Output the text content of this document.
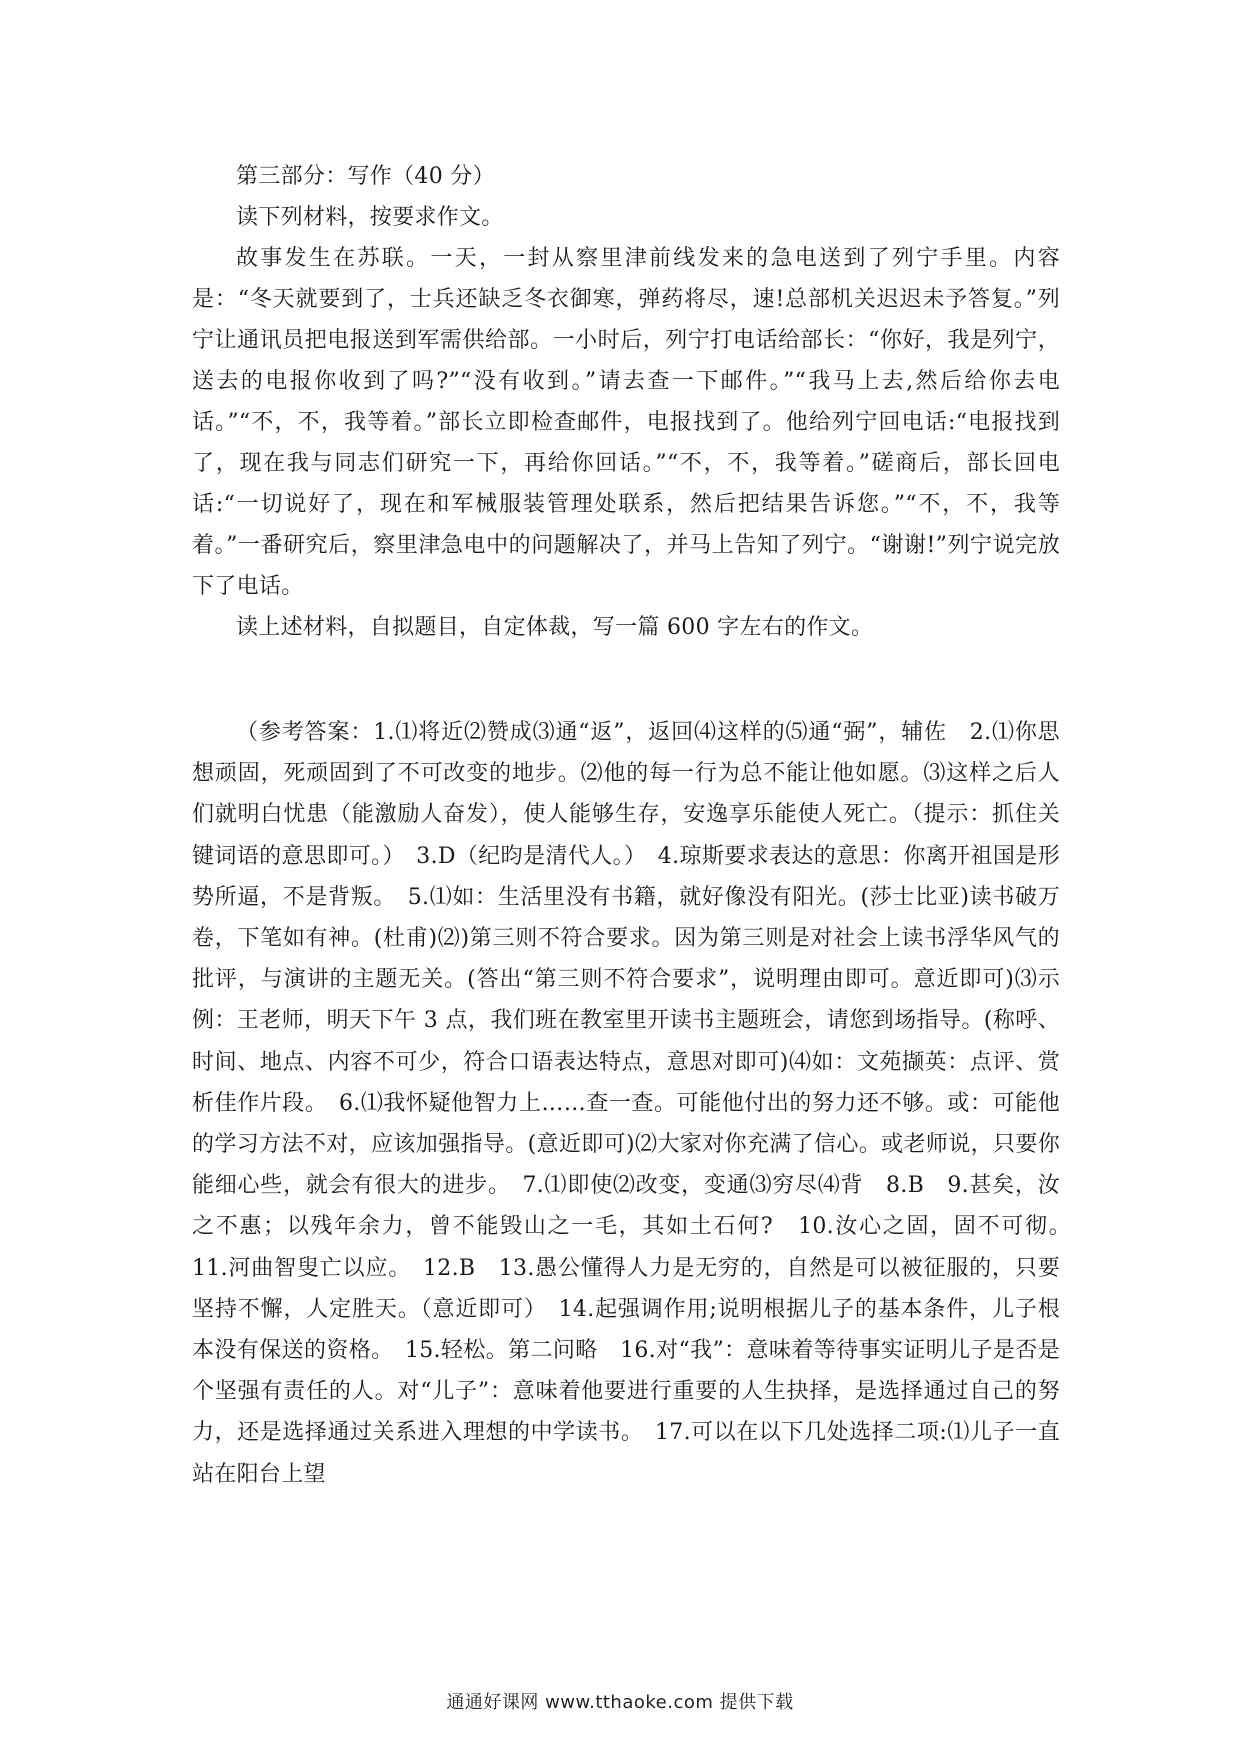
第三部分：写作（40 分）

读下列材料，按要求作文。

故事发生在苏联。一天，一封从察里津前线发来的急电送到了列宁手里。内容是：“冬天就要到了，士兵还缺乏冬衣御寒，弹药将尽，速!总部机关迟迟未予答复。”列宁让通讯员把电报送到军需供给部。一小时后，列宁打电话给部长：“你好，我是列宁，送去的电报你收到了吗?”“没有收到。”请去查一下邮件。”“我马上去,然后给你去电话。”“不，不，我等着。”部长立即检查邮件，电报找到了。他给列宁回电话:“电报找到了，现在我与同志们研究一下，再给你回话。”“不，不，我等着。”磋商后，部长回电话:“一切说好了，现在和军械服装管理处联系，然后把结果告诉您。”“不，不，我等着。”一番研究后，察里津急电中的问题解决了，并马上告知了列宁。“谢谢!”列宁说完放下了电话。

读上述材料，自拟题目，自定体裁，写一篇 600 字左右的作文。

（参考答案：1.⑴将近⑵赞成⑶通“返”，返回⑷这样的⑸通“弼”，辅佐　2.⑴你思想顽固，死顽固到了不可改变的地步。⑵他的每一行为总不能让他如愿。⑶这样之后人们就明白忧患（能激励人奋发），使人能够生存，安逸享乐能使人死亡。（提示：抓住关键词语的意思即可。）　3.D（纪昀是清代人。）　4.琼斯要求表达的意思：你离开祖国是形势所逼，不是背叛。　5.⑴如：生活里没有书籍，就好像没有阳光。(莎士比亚)读书破万卷，下笔如有神。(杜甫)⑵)第三则不符合要求。因为第三则是对社会上读书浮华风气的批评，与演讲的主题无关。(答出“第三则不符合要求”，说明理由即可。意近即可)⑶示例：王老师，明天下午 3 点，我们班在教室里开读书主题班会，请您到场指导。(称呼、时间、地点、内容不可少，符合口语表达特点，意思对即可)⑷如：文苑撷英：点评、赏析佳作片段。　6.⑴我怀疑他智力上……查一查。可能他付出的努力还不够。或：可能他的学习方法不对，应该加强指导。(意近即可)⑵大家对你充满了信心。或老师说，只要你能细心些，就会有很大的进步。　7.⑴即使⑵改变，变通⑶穷尽⑷背　8.B　9.甚矣，汝之不惠；以残年余力，曾不能毁山之一毛，其如土石何?　10.汝心之固，固不可彻。　11.河曲智叟亡以应。　12.B　13.愚公懂得人力是无穷的，自然是可以被征服的，只要坚持不懈，人定胜天。（意近即可）　14.起强调作用;说明根据儿子的基本条件，儿子根本没有保送的资格。　15.轻松。第二问略　16.对“我”：意味着等待事实证明儿子是否是个坚强有责任的人。对“儿子”：意味着他要进行重要的人生抉择，是选择通过自己的努力，还是选择通过关系进入理想的中学读书。　17.可以在以下几处选择二项:⑴儿子一直站在阳台上望

通通好课网 www.tthaoke.com 提供下载
